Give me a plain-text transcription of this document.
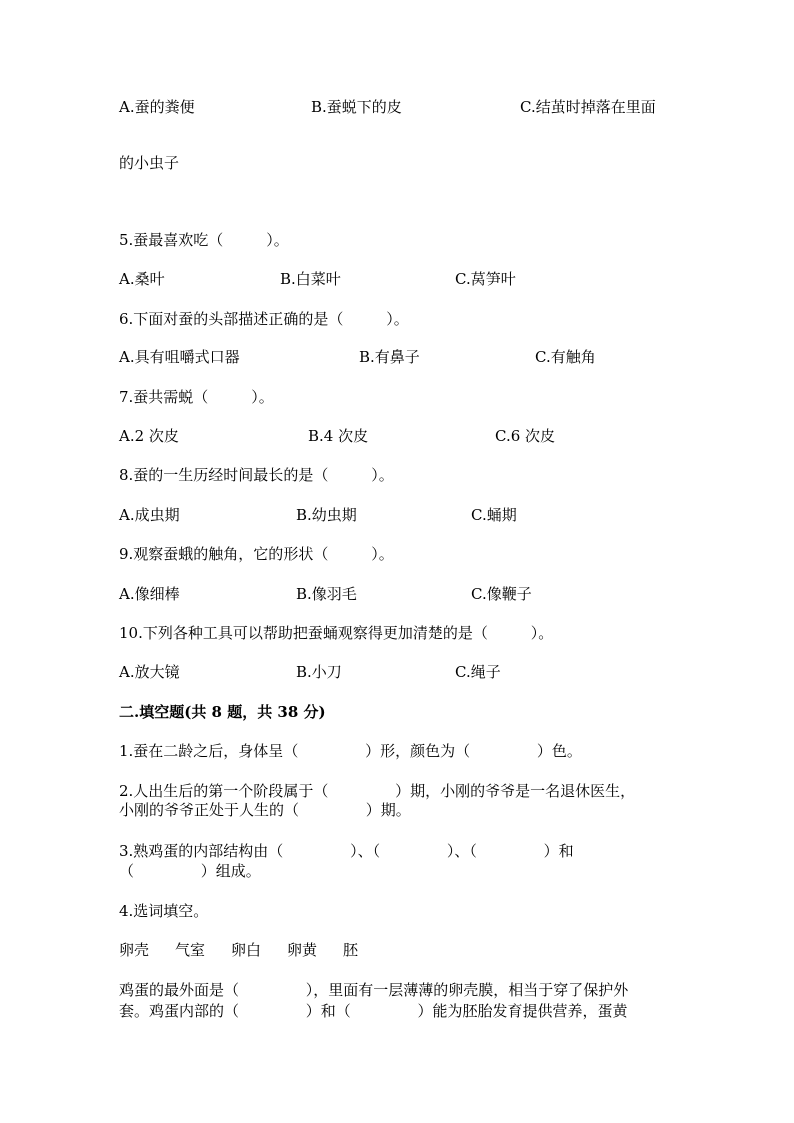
A.蚕的粪便	B.蚕蜕下的皮	C.结茧时掉落在里面
的小虫子
5.蚕最喜欢吃（         ）。
A.桑叶	B.白菜叶	C.莴笋叶
6.下面对蚕的头部描述正确的是（         ）。
A.具有咀嚼式口器	B.有鼻子	C.有触角
7.蚕共需蜕（         ）。
A.2 次皮	B.4 次皮	C.6 次皮
8.蚕的一生历经时间最长的是（         ）。
A.成虫期	B.幼虫期	C.蛹期
9.观察蚕蛾的触角，它的形状（         ）。
A.像细棒	B.像羽毛	C.像鞭子
10.下列各种工具可以帮助把蚕蛹观察得更加清楚的是（         ）。
A.放大镜	B.小刀	C.绳子
二.填空题(共 8 题，共 38 分)
1.蚕在二龄之后，身体呈（              ）形，颜色为（              ）色。
2.人出生后的第一个阶段属于（              ）期，小刚的爷爷是一名退休医生，
小刚的爷爷正处于人生的（              ）期。
3.熟鸡蛋的内部结构由（              ）、（              ）、（              ）和
（              ）组成。
4.选词填空。
卵壳 气室 卵白 卵黄 胚
鸡蛋的最外面是（              ），里面有一层薄薄的卵壳膜，相当于穿了保护外
套。鸡蛋内部的（              ）和（              ）能为胚胎发育提供营养，蛋黄
